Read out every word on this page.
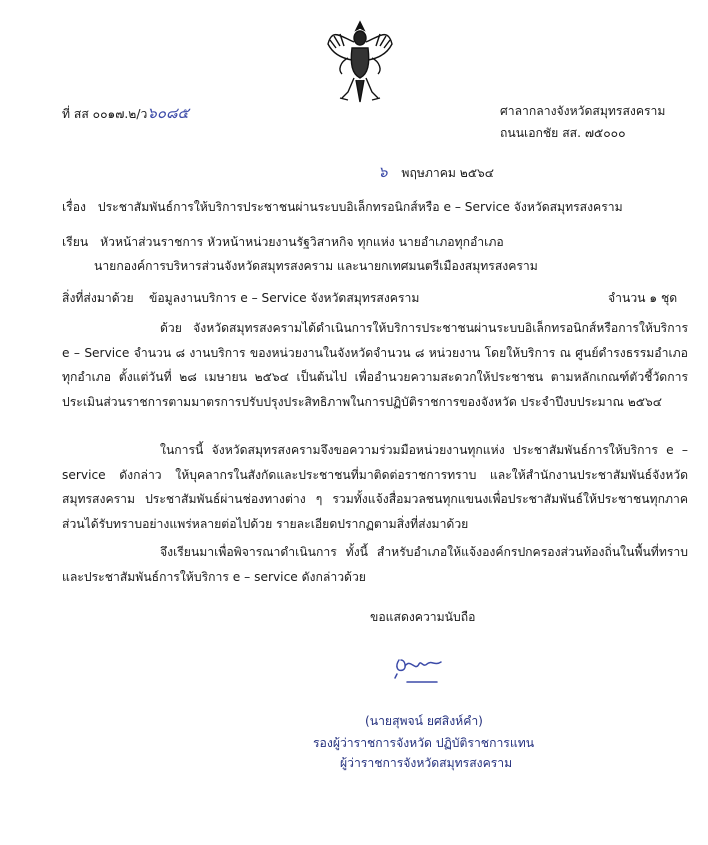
ที่ สส ๐๐๑๗.๒/ว๖๐๘๕	ศาลากลางจังหวัดสมุทรสงคราม
ถนนเอกชัย สส. ๗๕๐๐๐
๖ พฤษภาคม ๒๕๖๔
เรื่อง ประชาสัมพันธ์การให้บริการประชาชนผ่านระบบอิเล็กทรอนิกส์หรือ e – Service จังหวัดสมุทรสงคราม
เรียน หัวหน้าส่วนราชการ หัวหน้าหน่วยงานรัฐวิสาหกิจ ทุกแห่ง นายอำเภอทุกอำเภอ
นายกองค์การบริหารส่วนจังหวัดสมุทรสงคราม และนายกเทศมนตรีเมืองสมุทรสงคราม
สิ่งที่ส่งมาด้วย ข้อมูลงานบริการ e – Service จังหวัดสมุทรสงคราม	จำนวน ๑ ชุด
ด้วย จังหวัดสมุทรสงครามได้ดำเนินการให้บริการประชาชนผ่านระบบอิเล็กทรอนิกส์หรือการให้บริการ e – Service จำนวน ๘ งานบริการ ของหน่วยงานในจังหวัดจำนวน ๘ หน่วยงาน โดยให้บริการ ณ ศูนย์ดำรงธรรมอำเภอ ทุกอำเภอ ตั้งแต่วันที่ ๒๘ เมษายน ๒๕๖๔ เป็นต้นไป เพื่ออำนวยความสะดวกให้ประชาชน ตามหลักเกณฑ์ตัวชี้วัดการประเมินส่วนราชการตามมาตรการปรับปรุงประสิทธิภาพในการปฏิบัติราชการของจังหวัด ประจำปีงบประมาณ ๒๕๖๔
ในการนี้ จังหวัดสมุทรสงครามจึงขอความร่วมมือหน่วยงานทุกแห่ง ประชาสัมพันธ์การให้บริการ e – service ดังกล่าว ให้บุคลากรในสังกัดและประชาชนที่มาติดต่อราชการทราบ และให้สำนักงานประชาสัมพันธ์จังหวัดสมุทรสงคราม ประชาสัมพันธ์ผ่านช่องทางต่าง ๆ รวมทั้งแจ้งสื่อมวลชนทุกแขนงเพื่อประชาสัมพันธ์ให้ประชาชนทุกภาคส่วนได้รับทราบอย่างแพร่หลายต่อไปด้วย รายละเอียดปรากฏตามสิ่งที่ส่งมาด้วย
จึงเรียนมาเพื่อพิจารณาดำเนินการ ทั้งนี้ สำหรับอำเภอให้แจ้งองค์กรปกครองส่วนท้องถิ่นในพื้นที่ทราบและประชาสัมพันธ์การให้บริการ e – service ดังกล่าวด้วย
ขอแสดงความนับถือ
(นายสุพจน์ ยศสิงห์คำ)
รองผู้ว่าราชการจังหวัด ปฏิบัติราชการแทน
ผู้ว่าราชการจังหวัดสมุทรสงคราม
